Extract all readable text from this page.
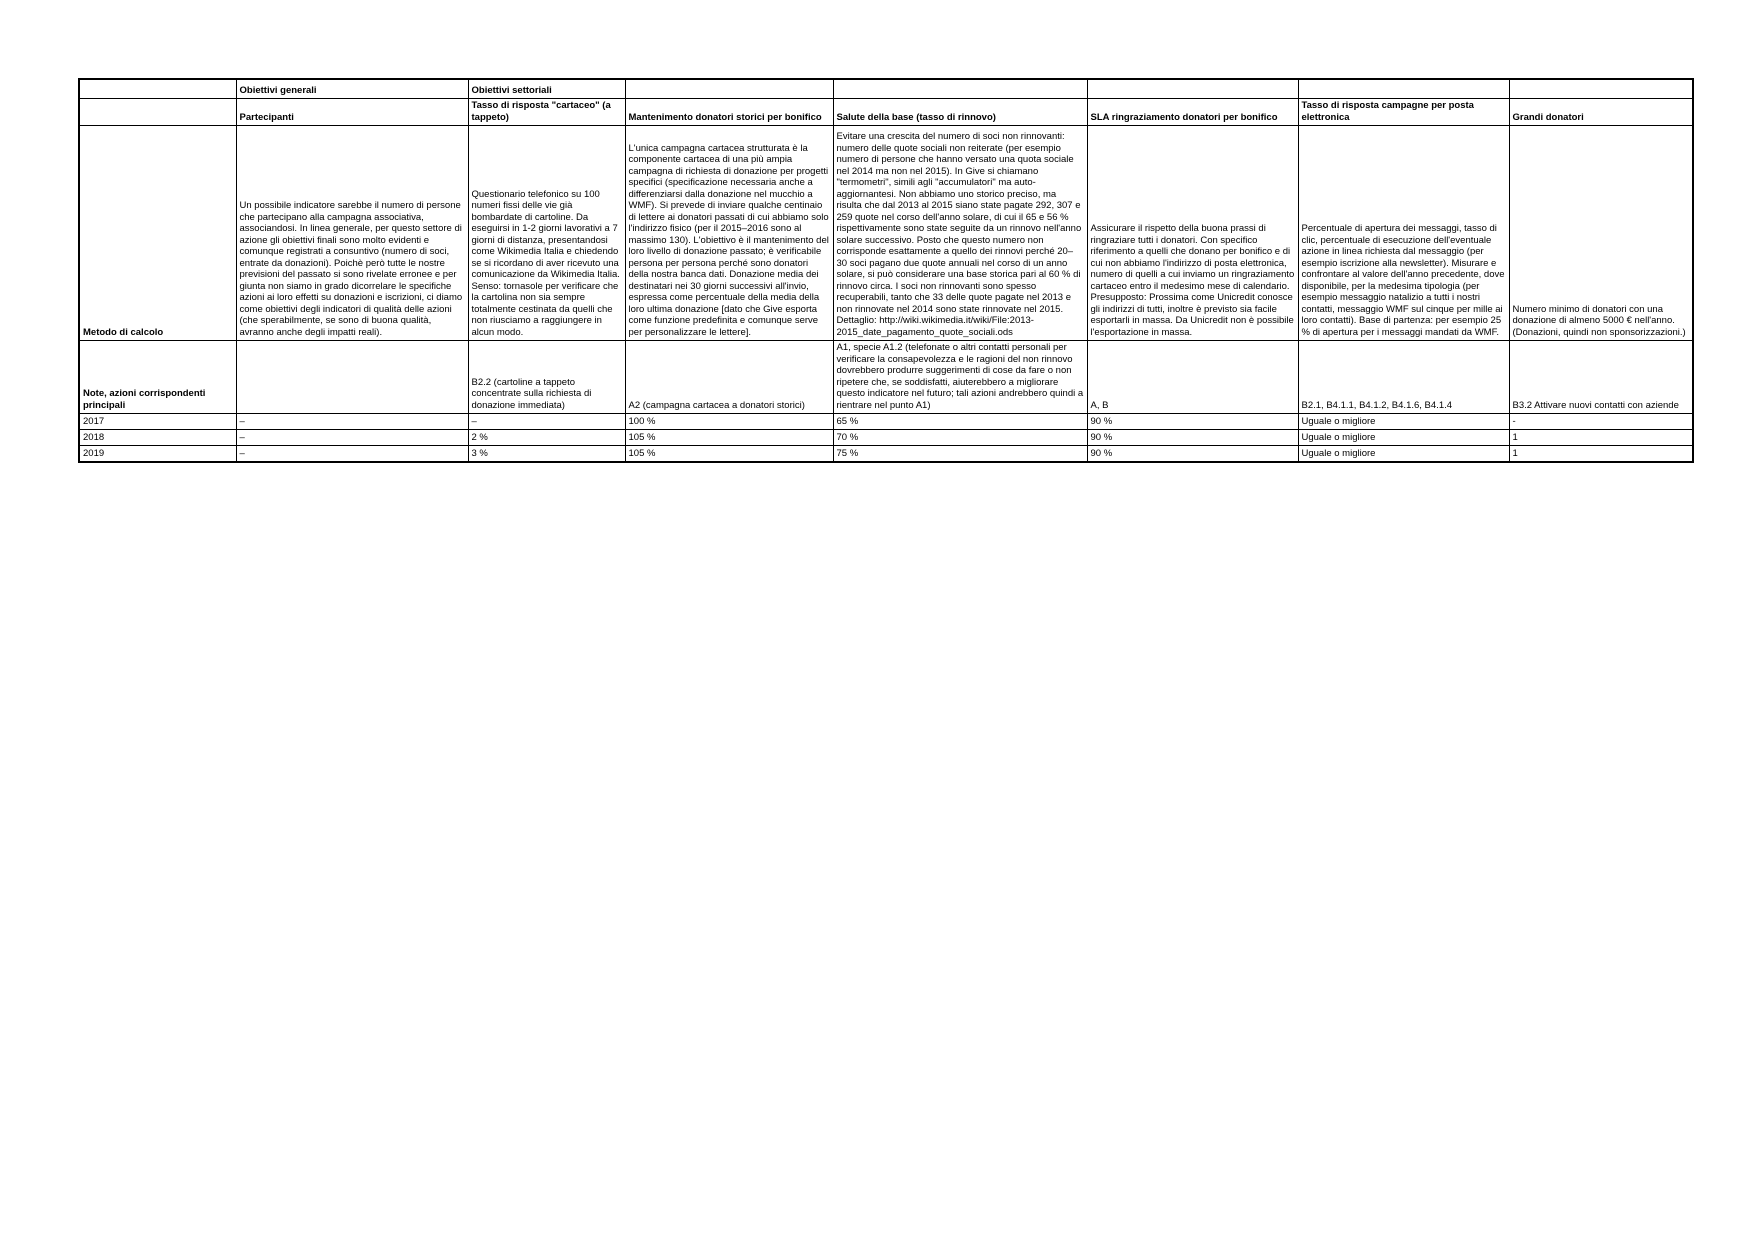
	Obiettivi generali	Obiettivi settoriali					
	Partecipanti	Tasso di risposta "cartaceo" (a tappeto)	Mantenimento donatori storici per bonifico	Salute della base (tasso di rinnovo)	SLA ringraziamento donatori per bonifico	Tasso di risposta campagne per posta elettronica	Grandi donatori
Metodo di calcolo	Un possibile indicatore sarebbe il numero di persone che partecipano alla campagna associativa, associandosi. In linea generale, per questo settore di azione gli obiettivi finali sono molto evidenti e comunque registrati a consuntivo (numero di soci, entrate da donazioni). Poichè però tutte le nostre previsioni del passato si sono rivelate erronee e per giunta non siamo in grado dicorrelare le specifiche azioni ai loro effetti su donazioni e iscrizioni, ci diamo come obiettivi degli indicatori di qualità delle azioni (che sperabilmente, se sono di buona qualità, avranno anche degli impatti reali).	Questionario telefonico su 100 numeri fissi delle vie già bombardate di cartoline. Da eseguirsi in 1-2 giorni lavorativi a 7 giorni di distanza, presentandosi come Wikimedia Italia e chiedendo se si ricordano di aver ricevuto una comunicazione da Wikimedia Italia. Senso: tornasole per verificare che la cartolina non sia sempre totalmente cestinata da quelli che non riusciamo a raggiungere in alcun modo.	L'unica campagna cartacea strutturata è la componente cartacea di una più ampia campagna di richiesta di donazione per progetti specifici (specificazione necessaria anche a differenziarsi dalla donazione nel mucchio a WMF). Si prevede di inviare qualche centinaio di lettere ai donatori passati di cui abbiamo solo l'indirizzo fisico (per il 2015–2016 sono al massimo 130). L'obiettivo è il mantenimento del loro livello di donazione passato; è verificabile persona per persona perché sono donatori della nostra banca dati. Donazione media dei destinatari nei 30 giorni successivi all'invio, espressa come percentuale della media della loro ultima donazione [dato che Give esporta come funzione predefinita e comunque serve per personalizzare le lettere].	Evitare una crescita del numero di soci non rinnovanti: numero delle quote sociali non reiterate (per esempio numero di persone che hanno versato una quota sociale nel 2014 ma non nel 2015). In Give si chiamano "termometri", simili agli "accumulatori" ma auto-aggiornantesi. Non abbiamo uno storico preciso, ma risulta che dal 2013 al 2015 siano state pagate 292, 307 e 259 quote nel corso dell'anno solare, di cui il 65 e 56 % rispettivamente sono state seguite da un rinnovo nell'anno solare successivo. Posto che questo numero non corrisponde esattamente a quello dei rinnovi perché 20–30 soci pagano due quote annuali nel corso di un anno solare, si può considerare una base storica pari al 60 % di rinnovo circa. I soci non rinnovanti sono spesso recuperabili, tanto che 33 delle quote pagate nel 2013 e non rinnovate nel 2014 sono state rinnovate nel 2015. Dettaglio: http://wiki.wikimedia.it/wiki/File:2013-2015_date_pagamento_quote_sociali.ods	Assicurare il rispetto della buona prassi di ringraziare tutti i donatori. Con specifico riferimento a quelli che donano per bonifico e di cui non abbiamo l'indirizzo di posta elettronica, numero di quelli a cui inviamo un ringraziamento cartaceo entro il medesimo mese di calendario. Presupposto: Prossima come Unicredit conosce gli indirizzi di tutti, inoltre è previsto sia facile esportarli in massa. Da Unicredit non è possibile l'esportazione in massa.	Percentuale di apertura dei messaggi, tasso di clic, percentuale di esecuzione dell'eventuale azione in linea richiesta dal messaggio (per esempio iscrizione alla newsletter). Misurare e confrontare al valore dell'anno precedente, dove disponibile, per la medesima tipologia (per esempio messaggio natalizio a tutti i nostri contatti, messaggio WMF sul cinque per mille ai loro contatti). Base di partenza: per esempio 25 % di apertura per i messaggi mandati da WMF.	Numero minimo di donatori con una donazione di almeno 5000 € nell'anno. (Donazioni, quindi non sponsorizzazioni.)
Note, azioni corrispondenti principali		B2.2 (cartoline a tappeto concentrate sulla richiesta di donazione immediata)	A2 (campagna cartacea a donatori storici)	A1, specie A1.2 (telefonate o altri contatti personali per verificare la consapevolezza e le ragioni del non rinnovo dovrebbero produrre suggerimenti di cose da fare o non ripetere che, se soddisfatti, aiuterebbero a migliorare questo indicatore nel futuro; tali azioni andrebbero quindi a rientrare nel punto A1)	A, B	B2.1, B4.1.1, B4.1.2, B4.1.6, B4.1.4	B3.2 Attivare nuovi contatti con aziende
2017	–	–	100 %	65 %	90 %	Uguale o migliore	-
2018	–	2 %	105 %	70 %	90 %	Uguale o migliore	1
2019	–	3 %	105 %	75 %	90 %	Uguale o migliore	1
